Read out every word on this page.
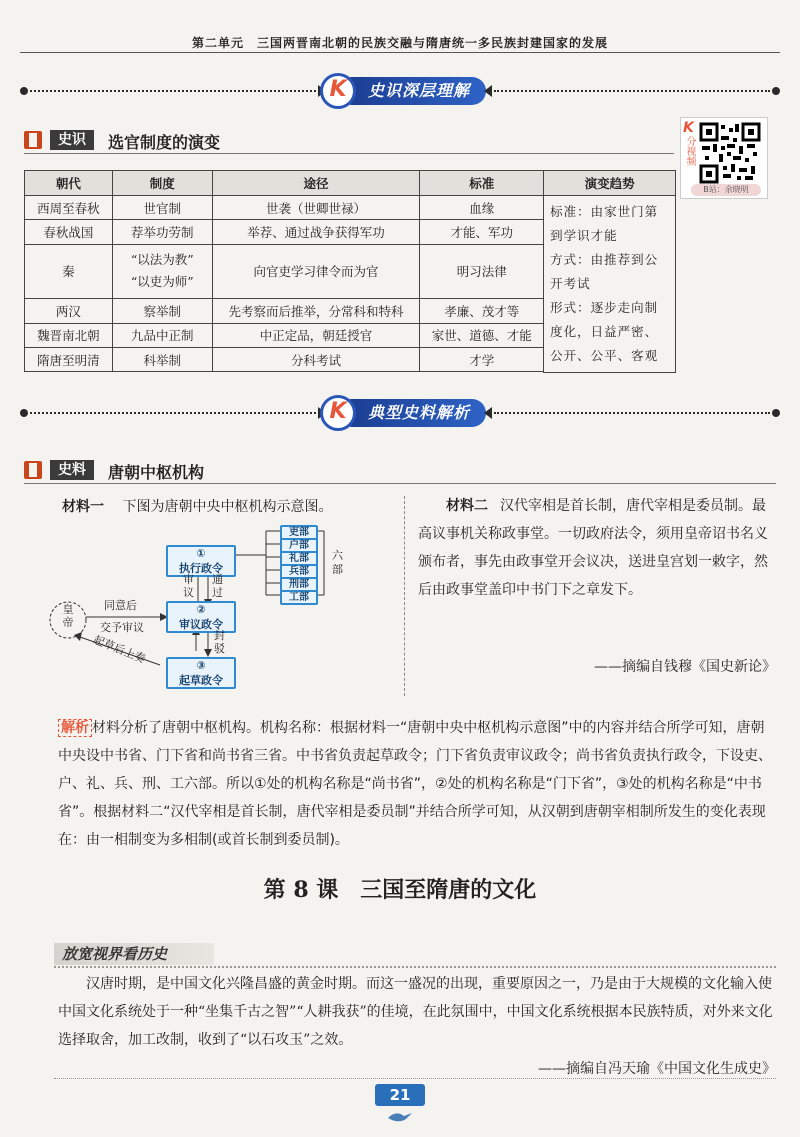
第二单元　三国两晋南北朝的民族交融与隋唐统一多民族封建国家的发展
史识深层理解
K
史识	选官制度的演变
K
分视频
B站：余晓明
朝代	制度	途径	标准	演变趋势
西周至春秋	世官制	世袭（世卿世禄）	血缘	标准：由家世门第到学识才能
方式：由推荐到公开考试
形式：逐步走向制度化，日益严密、公开、公平、客观
春秋战国	荐举功劳制	举荐、通过战争获得军功	才能、军功	
秦	“以法为教”
“以吏为师”	向官吏学习律令而为官	明习法律	
两汉	察举制	先考察而后推举，分常科和特科	孝廉、茂才等	
魏晋南北朝	九品中正制	中正定品，朝廷授官	家世、道德、才能	
隋唐至明清	科举制	分科考试	才学	

典型史料解析
K
史料	唐朝中枢机构
材料一 下图为唐朝中央中枢机构示意图。
皇帝
同意后
交予审议
起草后上奏
①
执行政令
审议
通过
②
审议政令
封驳
③
起草政令
吏部
户部
礼部
兵部
刑部
工部
六部
材料二 汉代宰相是首长制，唐代宰相是委员制。最高议事机关称政事堂。一切政府法令，须用皇帝诏书名义颁布者，事先由政事堂开会议决，送进皇宫划一敕字，然后由政事堂盖印中书门下之章发下。
——摘编自钱穆《国史新论》
解析 材料分析了唐朝中枢机构。机构名称：根据材料一“唐朝中央中枢机构示意图”中的内容并结合所学可知，唐朝中央设中书省、门下省和尚书省三省。中书省负责起草政令；门下省负责审议政令；尚书省负责执行政令，下设吏、户、礼、兵、刑、工六部。所以①处的机构名称是“尚书省”，②处的机构名称是“门下省”，③处的机构名称是“中书省”。根据材料二“汉代宰相是首长制，唐代宰相是委员制”并结合所学可知，从汉朝到唐朝宰相制所发生的变化表现在：由一相制变为多相制(或首长制到委员制)。
第 8 课　三国至隋唐的文化
放宽视界看历史
汉唐时期，是中国文化兴隆昌盛的黄金时期。而这一盛况的出现，重要原因之一，乃是由于大规模的文化输入使中国文化系统处于一种“坐集千古之智”“人耕我获”的佳境，在此氛围中，中国文化系统根据本民族特质，对外来文化选择取舍，加工改制，收到了“以石攻玉”之效。
——摘编自冯天瑜《中国文化生成史》
21
